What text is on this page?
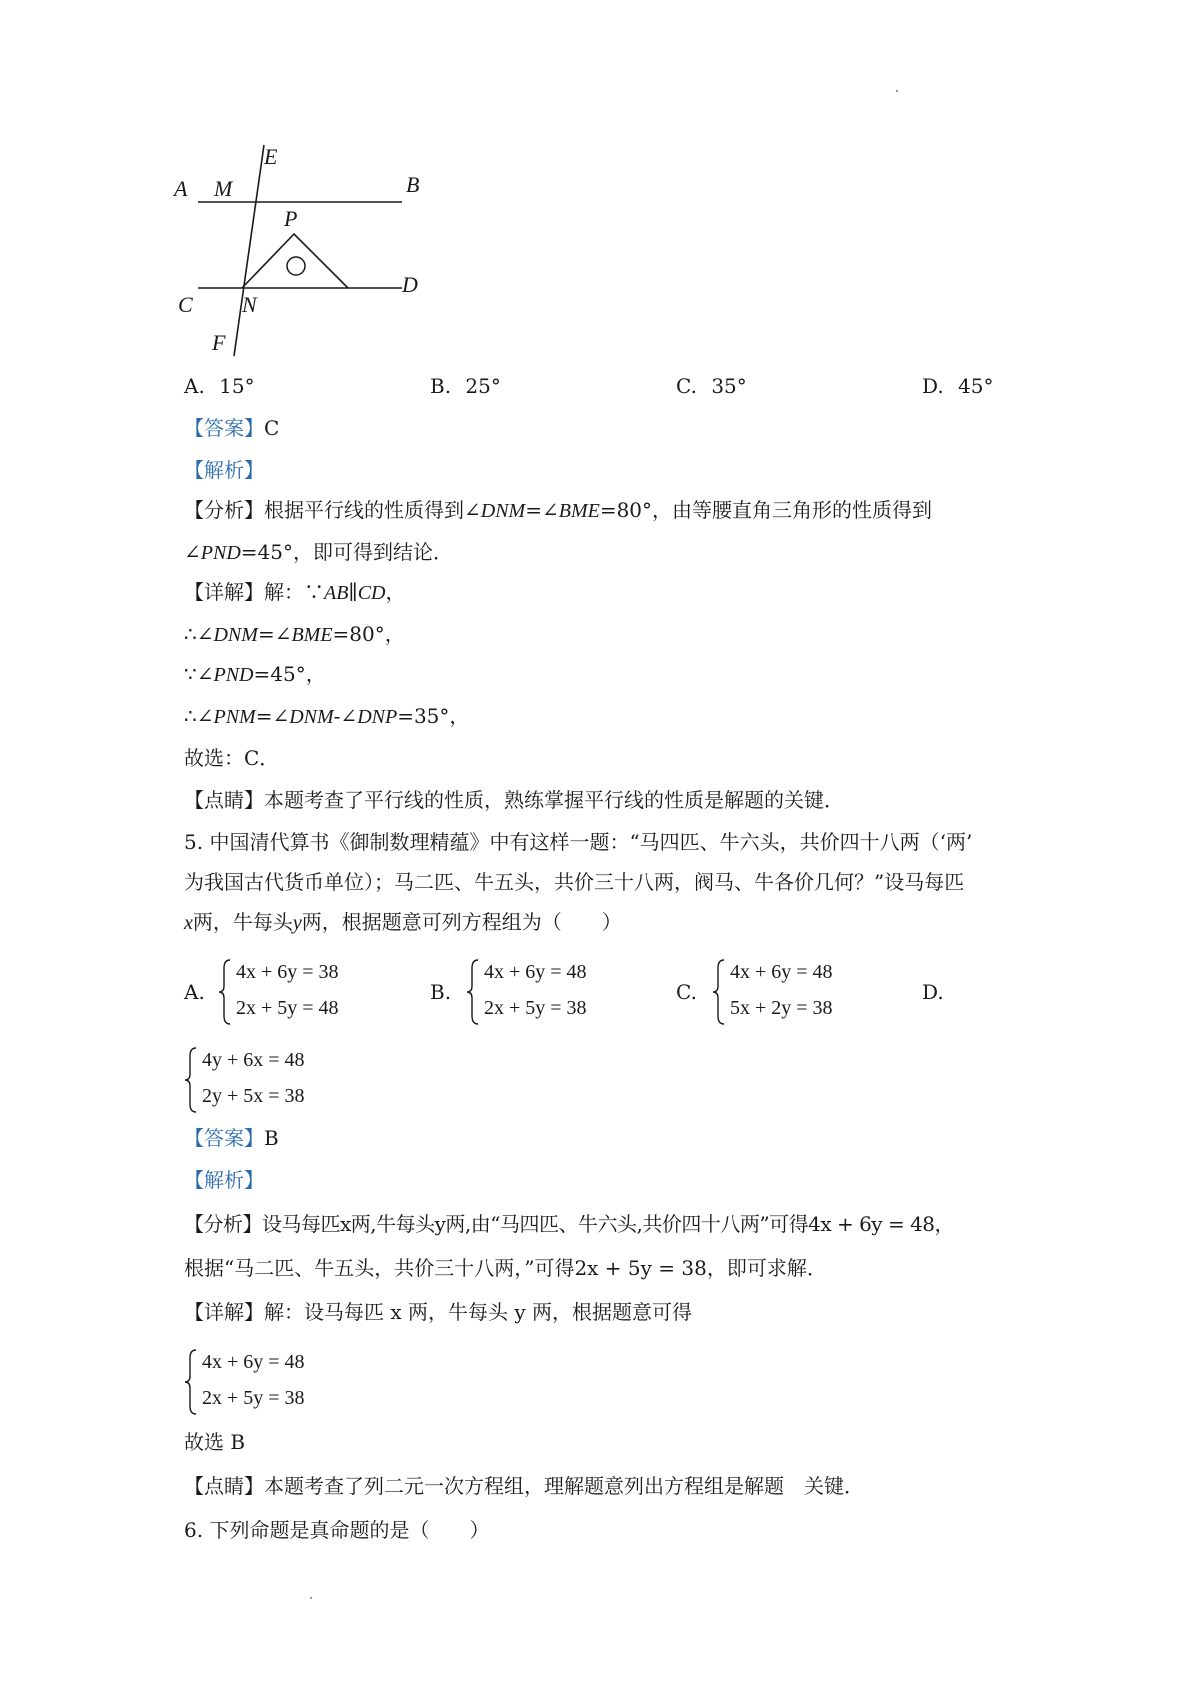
E
A M	B
P
C N
D
F
A. 15°	B. 25°	C. 35°	D. 45°
【答案】C
【解析】
【分析】根据平行线的性质得到∠DNM=∠BME=80°，由等腰直角三角形的性质得到
∠PND=45°，即可得到结论．
【详解】解：∵AB∥CD，
∴∠DNM=∠BME=80°，
∵∠PND=45°，
∴∠PNM=∠DNM-∠DNP=35°，
故选：C．
【点睛】本题考查了平行线的性质，熟练掌握平行线的性质是解题的关键．
5. 中国清代算书《御制数理精蕴》中有这样一题：“马四匹、牛六头，共价四十八两（‘两’
为我国古代货币单位）；马二匹、牛五头，共价三十八两，阀马、牛各价几何？”设马每匹
x两，牛每头y两，根据题意可列方程组为（　　）
A.
4x + 6y = 38
2x + 5y = 48
B.
4x + 6y = 48
2x + 5y = 38
C.
4x + 6y = 48
5x + 2y = 38
D.
4y + 6x = 48
2y + 5x = 38
【答案】B
【解析】
【分析】设马每匹x两,牛每头y两,由“马四匹、牛六头,共价四十八两”可得4x + 6y = 48，
根据“马二匹、牛五头，共价三十八两，”可得2x + 5y = 38，即可求解．
【详解】解：设马每匹 x 两，牛每头 y 两，根据题意可得
4x + 6y = 48
2x + 5y = 38
故选 B
【点睛】本题考查了列二元一次方程组，理解题意列出方程组是解题　关键．
6. 下列命题是真命题的是（　　）
